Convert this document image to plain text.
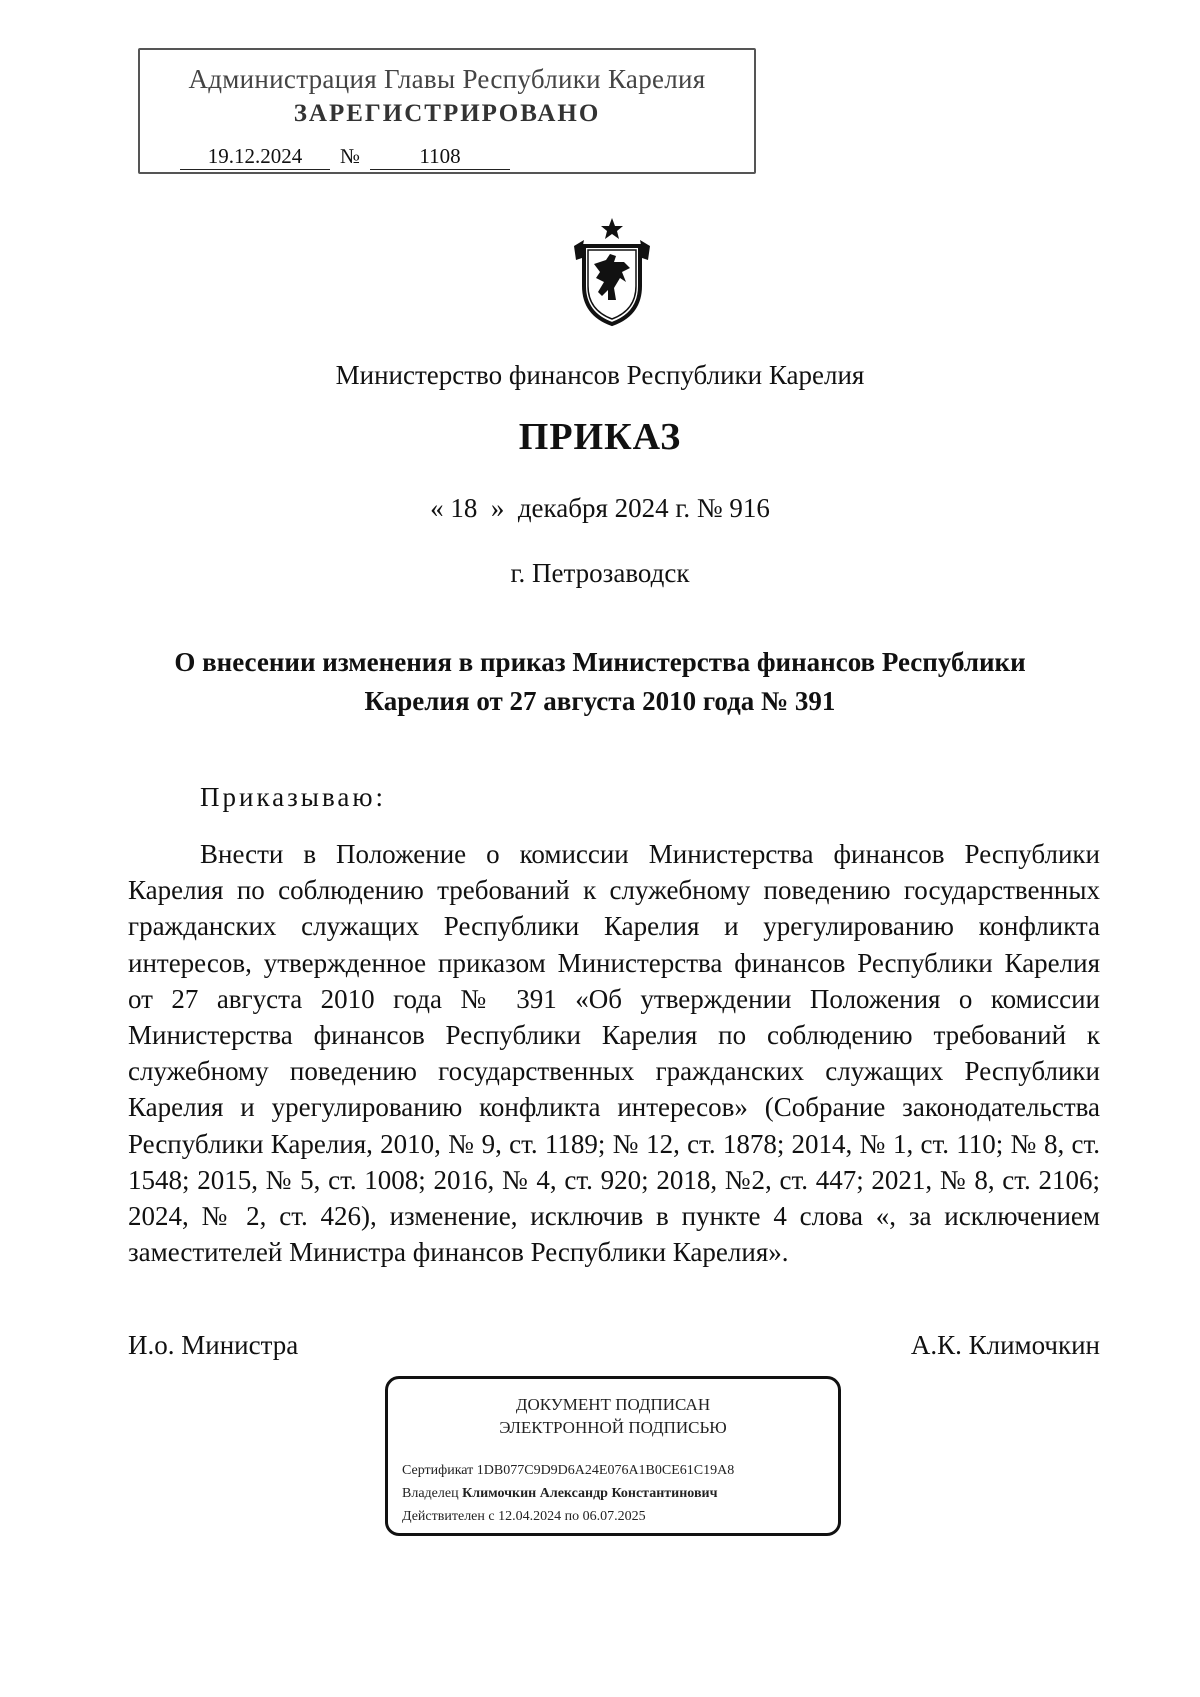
Администрация Главы Республики Карелия
ЗАРЕГИСТРИРОВАНО
19.12.2024 №	1108
Министерство финансов Республики Карелия
ПРИКАЗ
« 18  »  декабря 2024 г. № 916
г. Петрозаводск
О внесении изменения в приказ Министерства финансов Республики Карелия от 27 августа 2010 года № 391
Приказываю:
Внести в Положение о комиссии Министерства финансов Республики Карелия по соблюдению требований к служебному поведению государственных гражданских служащих Республики Карелия и урегулированию конфликта интересов, утвержденное приказом Министерства финансов Республики Карелия от 27 августа 2010 года № 391 «Об утверждении Положения о комиссии Министерства финансов Республики Карелия по соблюдению требований к служебному поведению государственных гражданских служащих Республики Карелия и урегулированию конфликта интересов» (Собрание законодательства Республики Карелия, 2010, № 9, ст. 1189; № 12, ст. 1878; 2014, № 1, ст. 110; № 8, ст. 1548; 2015, № 5, ст. 1008; 2016, № 4, ст. 920; 2018, №2, ст. 447; 2021, № 8, ст. 2106; 2024, № 2, ст. 426), изменение, исключив в пункте 4 слова «, за исключением заместителей Министра финансов Республики Карелия».
И.о. Министра	А.К. Климочкин
ДОКУМЕНТ ПОДПИСАН
ЭЛЕКТРОННОЙ ПОДПИСЬЮ
Сертификат 1DB077C9D9D6A24E076A1B0CE61C19A8
Владелец Климочкин Александр Константинович
Действителен с 12.04.2024 по 06.07.2025
